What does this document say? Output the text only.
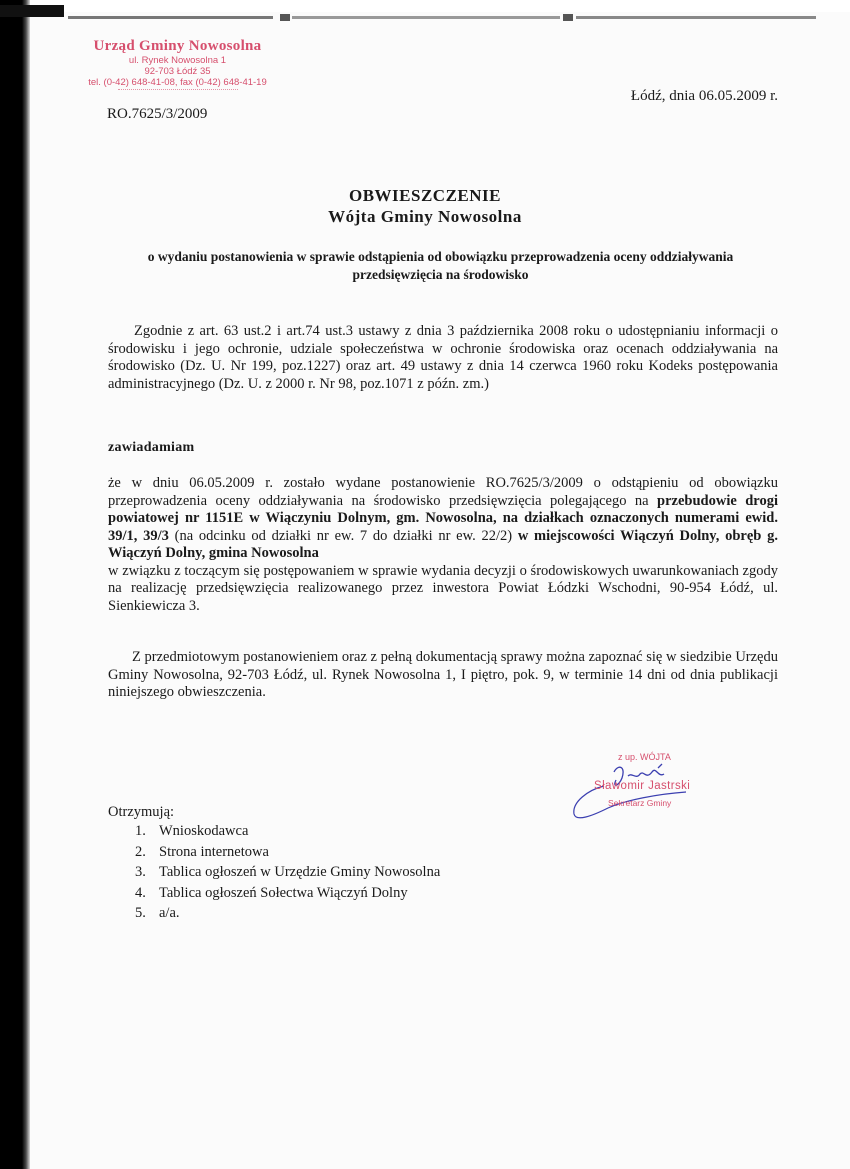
Urząd Gminy Nowosolna
ul. Rynek Nowosolna 1
92-703 Łódź 35
tel. (0-42) 648-41-08, fax (0-42) 648-41-19
Łódź, dnia 06.05.2009 r.
RO.7625/3/2009
OBWIESZCZENIE
Wójta Gminy Nowosolna
o wydaniu postanowienia w sprawie odstąpienia od obowiązku przeprowadzenia oceny oddziaływania przedsięwzięcia na środowisko
Zgodnie z art. 63 ust.2 i art.74 ust.3 ustawy z dnia 3 października 2008 roku o udostępnianiu informacji o środowisku i jego ochronie, udziale społeczeństwa w ochronie środowiska oraz ocenach oddziaływania na środowisko (Dz. U. Nr 199, poz.1227) oraz art. 49 ustawy z dnia 14 czerwca 1960 roku Kodeks postępowania administracyjnego (Dz. U. z 2000 r. Nr 98, poz.1071 z późn. zm.)
zawiadamiam
że w dniu 06.05.2009 r. zostało wydane postanowienie RO.7625/3/2009 o odstąpieniu od obowiązku przeprowadzenia oceny oddziaływania na środowisko przedsięwzięcia polegającego na przebudowie drogi powiatowej nr 1151E w Wiączyniu Dolnym, gm. Nowosolna, na działkach oznaczonych numerami ewid. 39/1, 39/3 (na odcinku od działki nr ew. 7 do działki nr ew. 22/2) w miejscowości Wiączyń Dolny, obręb g. Wiączyń Dolny, gmina Nowosolna
w związku z toczącym się postępowaniem w sprawie wydania decyzji o środowiskowych uwarunkowaniach zgody na realizację przedsięwzięcia realizowanego przez inwestora Powiat Łódzki Wschodni, 90-954 Łódź, ul. Sienkiewicza 3.
Z przedmiotowym postanowieniem oraz z pełną dokumentacją sprawy można zapoznać się w siedzibie Urzędu Gminy Nowosolna, 92-703 Łódź, ul. Rynek Nowosolna 1, I piętro, pok. 9, w terminie 14 dni od dnia publikacji niniejszego obwieszczenia.
z up. WÓJTA
Sławomir Jastrski
Sekretarz Gminy
Otrzymują:
1. Wnioskodawca
2. Strona internetowa
3. Tablica ogłoszeń w Urzędzie Gminy Nowosolna
4. Tablica ogłoszeń Sołectwa Wiączyń Dolny
5. a/a.
